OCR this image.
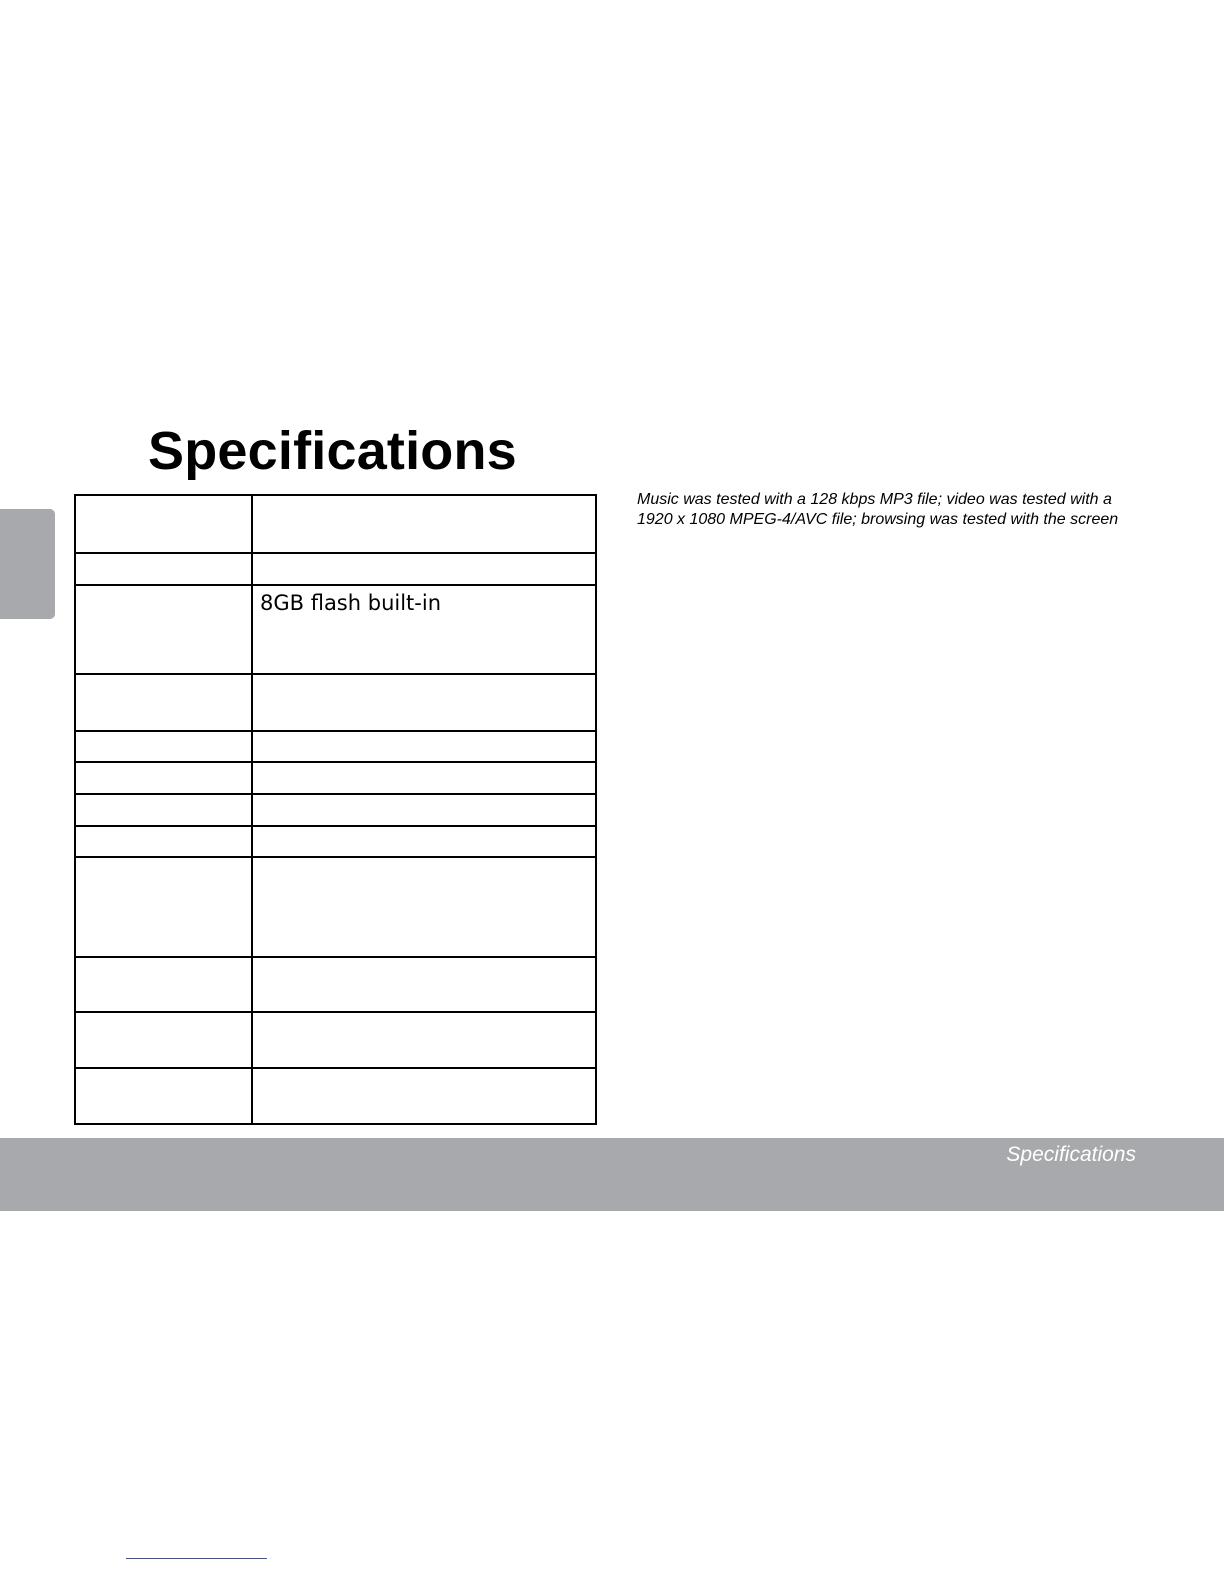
Specifications

	8GB flash built-in

Music was tested with a 128 kbps MP3 file; video was tested with a
1920 x 1080 MPEG-4/AVC file; browsing was tested with the screen
Specifications
